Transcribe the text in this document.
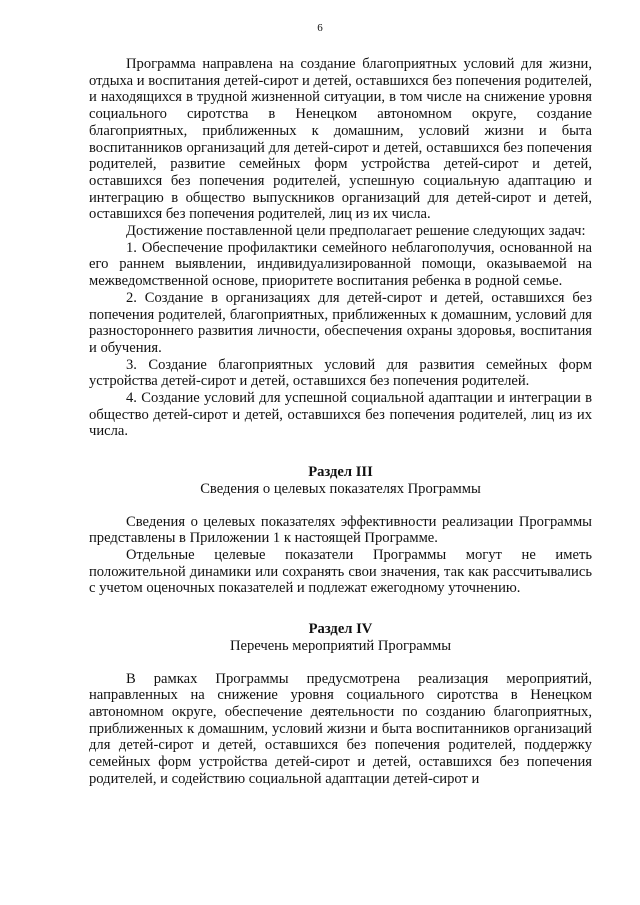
6

Программа направлена на создание благоприятных условий для жизни, отдыха и воспитания детей-сирот и детей, оставшихся без попечения родителей, и находящихся в трудной жизненной ситуации, в том числе на снижение уровня социального сиротства в Ненецком автономном округе, создание благоприятных, приближенных к домашним, условий жизни и быта воспитанников организаций для детей-сирот и детей, оставшихся без попечения родителей, развитие семейных форм устройства детей-сирот и детей, оставшихся без попечения родителей, успешную социальную адаптацию и интеграцию в общество выпускников организаций для детей-сирот и детей, оставшихся без попечения родителей, лиц из их числа.

Достижение поставленной цели предполагает решение следующих задач:

1. Обеспечение профилактики семейного неблагополучия, основанной на его раннем выявлении, индивидуализированной помощи, оказываемой на межведомственной основе, приоритете воспитания ребенка в родной семье.

2. Создание в организациях для детей-сирот и детей, оставшихся без попечения родителей, благоприятных, приближенных к домашним, условий для разностороннего развития личности, обеспечения охраны здоровья, воспитания и обучения.

3. Создание благоприятных условий для развития семейных форм устройства детей-сирот и детей, оставшихся без попечения родителей.

4. Создание условий для успешной социальной адаптации и интеграции в общество детей-сирот и детей, оставшихся без попечения родителей, лиц из их числа.

Раздел III

Сведения о целевых показателях Программы

Сведения о целевых показателях эффективности реализации Программы представлены в Приложении 1 к настоящей Программе.

Отдельные целевые показатели Программы могут не иметь положительной динамики или сохранять свои значения, так как рассчитывались с учетом оценочных показателей и подлежат ежегодному уточнению.

Раздел IV

Перечень мероприятий Программы

В рамках Программы предусмотрена реализация мероприятий, направленных на снижение уровня социального сиротства в Ненецком автономном округе, обеспечение деятельности по созданию благоприятных, приближенных к домашним, условий жизни и быта воспитанников организаций для детей-сирот и детей, оставшихся без попечения родителей, поддержку семейных форм устройства детей-сирот и детей, оставшихся без попечения родителей, и содействию социальной адаптации детей-сирот и
